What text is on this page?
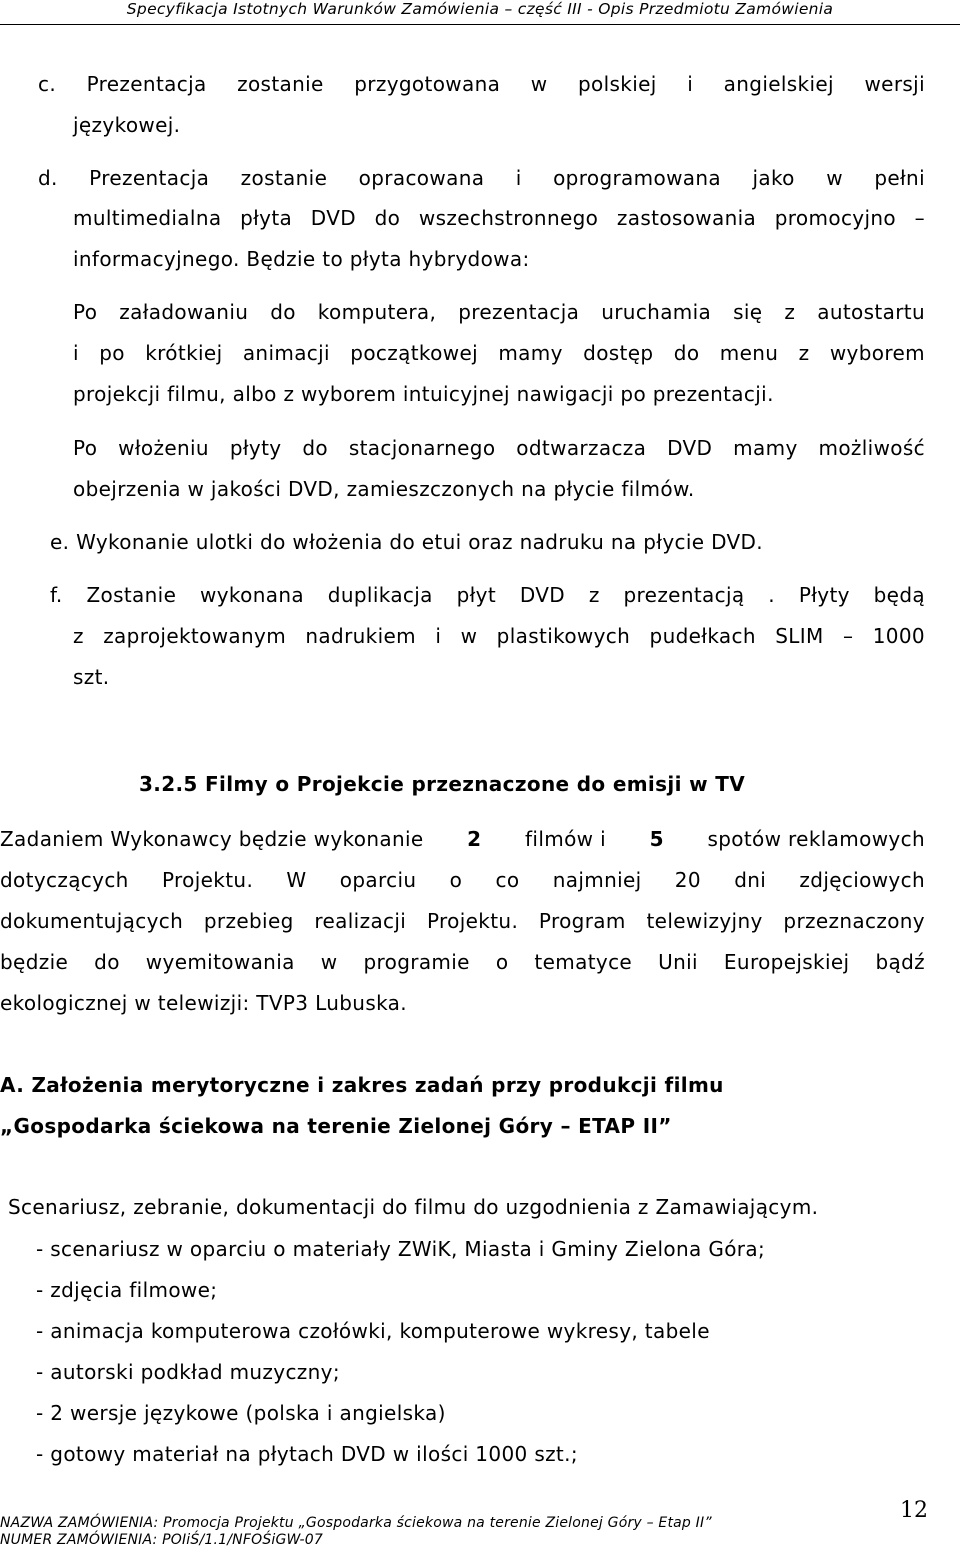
Specyfikacja Istotnych Warunków Zamówienia – część III - Opis Przedmiotu Zamówienia
c. Prezentacja zostanie przygotowana w polskiej i angielskiej wersji
językowej.
d. Prezentacja zostanie opracowana i oprogramowana jako w pełni
multimedialna płyta DVD do wszechstronnego zastosowania promocyjno –
informacyjnego. Będzie to płyta hybrydowa:
Po załadowaniu do komputera, prezentacja uruchamia się z autostartu
i po krótkiej animacji początkowej mamy dostęp do menu z wyborem
projekcji filmu, albo z wyborem intuicyjnej nawigacji po prezentacji.
Po włożeniu płyty do stacjonarnego odtwarzacza DVD mamy możliwość
obejrzenia w jakości DVD, zamieszczonych na płycie filmów.
e. Wykonanie ulotki do włożenia do etui oraz nadruku na płycie DVD.
f. Zostanie wykonana duplikacja płyt DVD z prezentacją . Płyty będą
z zaprojektowanym nadrukiem i w plastikowych pudełkach SLIM – 1000
szt.
3.2.5 Filmy o Projekcie przeznaczone do emisji w TV
Zadaniem Wykonawcy będzie wykonanie 2 filmów i 5 spotów reklamowych
dotyczących Projektu. W oparciu o co najmniej 20 dni zdjęciowych
dokumentujących przebieg realizacji Projektu. Program telewizyjny przeznaczony
będzie do wyemitowania w programie o tematyce Unii Europejskiej bądź
ekologicznej w telewizji: TVP3 Lubuska.
A. Założenia merytoryczne i zakres zadań przy produkcji filmu
„Gospodarka ściekowa na terenie Zielonej Góry – ETAP II”
Scenariusz, zebranie, dokumentacji do filmu do uzgodnienia z Zamawiającym.
- scenariusz w oparciu o materiały ZWiK, Miasta i Gminy Zielona Góra;
- zdjęcia filmowe;
- animacja komputerowa czołówki, komputerowe wykresy, tabele
- autorski podkład muzyczny;
- 2 wersje językowe (polska i angielska)
- gotowy materiał na płytach DVD w ilości 1000 szt.;
12
NAZWA ZAMÓWIENIA: Promocja Projektu „Gospodarka ściekowa na terenie Zielonej Góry – Etap II”
NUMER ZAMÓWIENIA: POIiŚ/1.1/NFOŚiGW-07
